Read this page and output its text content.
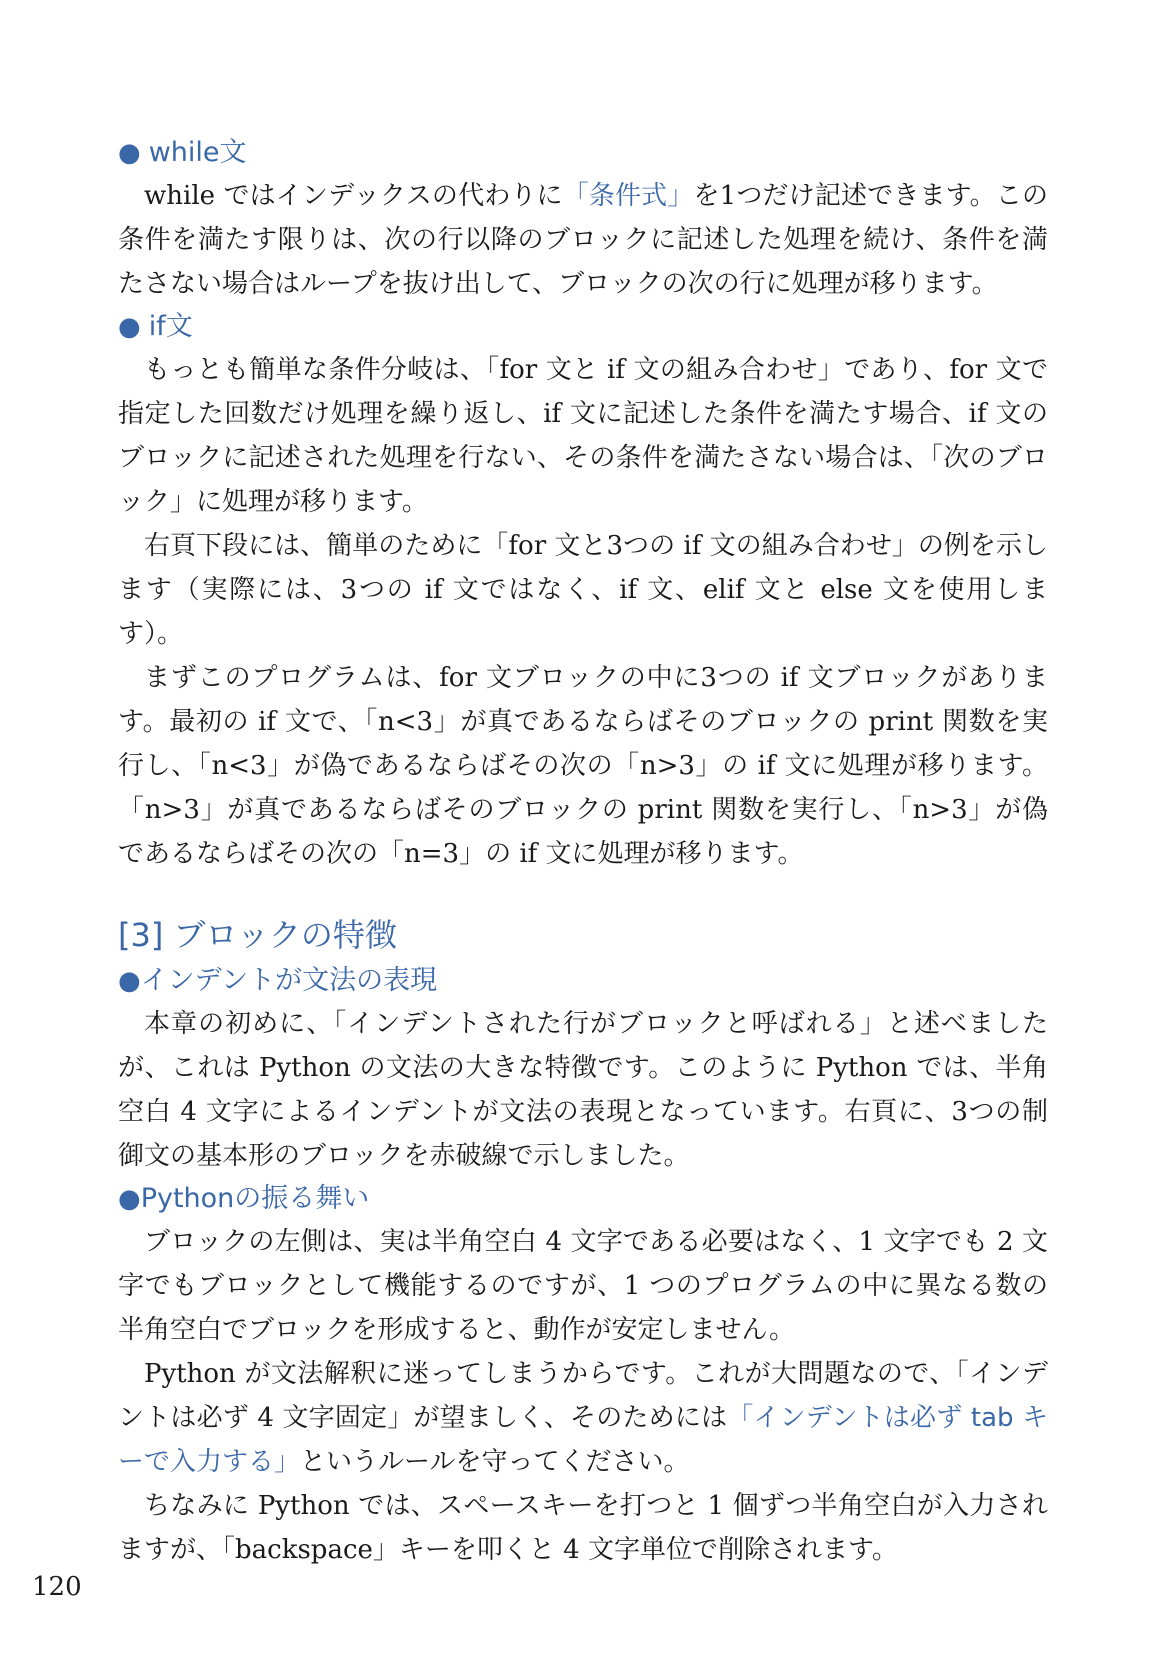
● while文

while ではインデックスの代わりに「条件式」を1つだけ記述できます。この条件を満たす限りは、次の行以降のブロックに記述した処理を続け、条件を満たさない場合はループを抜け出して、ブロックの次の行に処理が移ります。

● if文

もっとも簡単な条件分岐は、「for 文と if 文の組み合わせ」であり、for 文で指定した回数だけ処理を繰り返し、if 文に記述した条件を満たす場合、if 文のブロックに記述された処理を行ない、その条件を満たさない場合は、「次のブロック」に処理が移ります。

右頁下段には、簡単のために「for 文と3つの if 文の組み合わせ」の例を示します（実際には、3つの if 文ではなく、if 文、elif 文と else 文を使用します）。

まずこのプログラムは、for 文ブロックの中に3つの if 文ブロックがあります。最初の if 文で、「n<3」が真であるならばそのブロックの print 関数を実行し、「n<3」が偽であるならばその次の「n>3」の if 文に処理が移ります。「n>3」が真であるならばそのブロックの print 関数を実行し、「n>3」が偽であるならばその次の「n=3」の if 文に処理が移ります。

[3] ブロックの特徴
●インデントが文法の表現

本章の初めに、「インデントされた行がブロックと呼ばれる」と述べましたが、これは Python の文法の大きな特徴です。このように Python では、半角空白 4 文字によるインデントが文法の表現となっています。右頁に、3つの制御文の基本形のブロックを赤破線で示しました。

●Pythonの振る舞い

ブロックの左側は、実は半角空白 4 文字である必要はなく、1 文字でも 2 文字でもブロックとして機能するのですが、1 つのプログラムの中に異なる数の半角空白でブロックを形成すると、動作が安定しません。

Python が文法解釈に迷ってしまうからです。これが大問題なので、「インデントは必ず 4 文字固定」が望ましく、そのためには「インデントは必ず tab キーで入力する」というルールを守ってください。

ちなみに Python では、スペースキーを打つと 1 個ずつ半角空白が入力されますが、「backspace」キーを叩くと 4 文字単位で削除されます。

120
